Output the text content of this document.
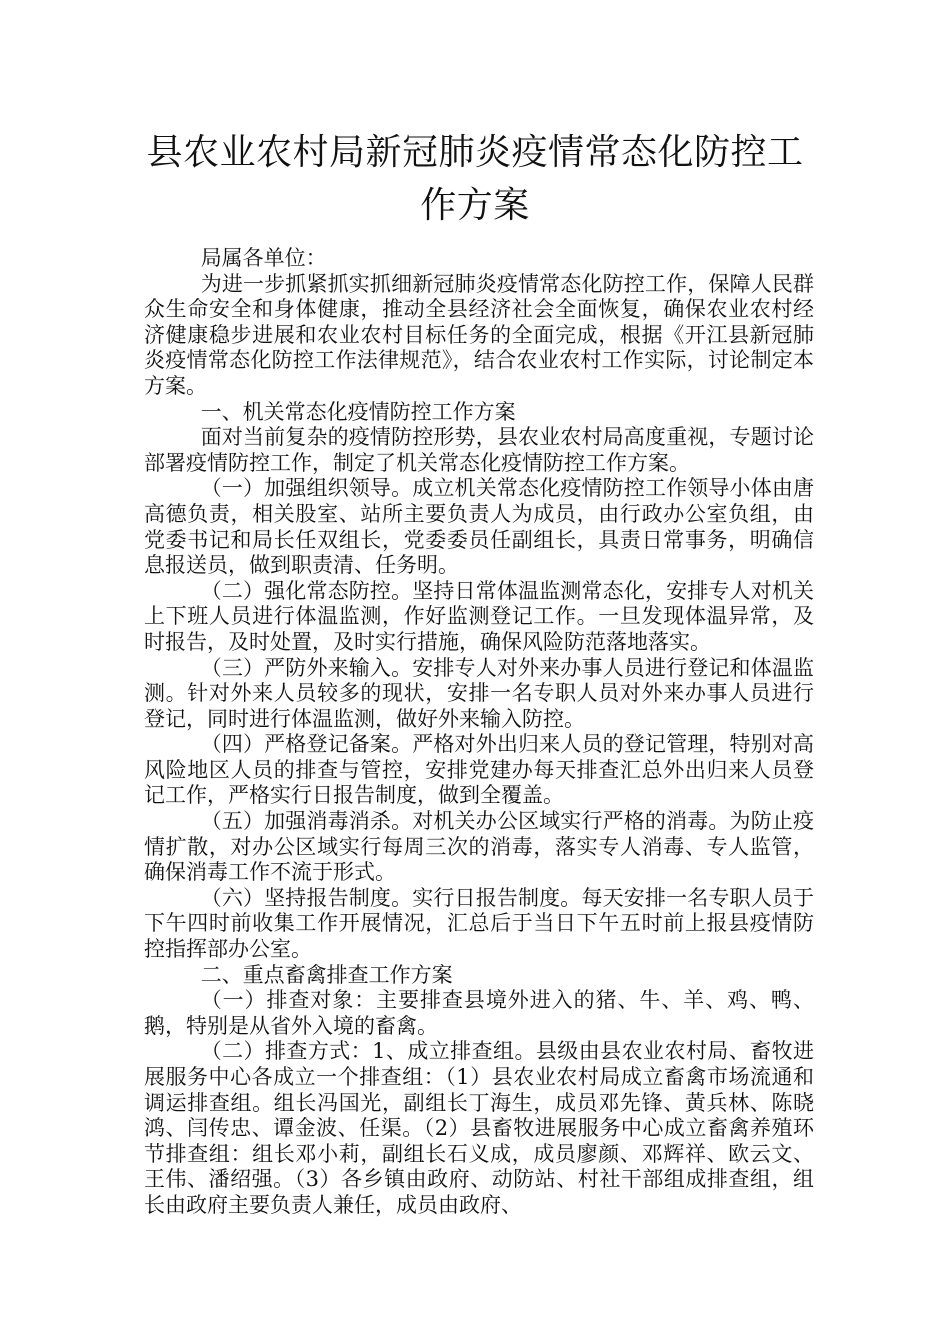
县农业农村局新冠肺炎疫情常态化防控工作方案

局属各单位：

为进一步抓紧抓实抓细新冠肺炎疫情常态化防控工作，保障人民群众生命安全和身体健康，推动全县经济社会全面恢复，确保农业农村经济健康稳步进展和农业农村目标任务的全面完成，根据《开江县新冠肺炎疫情常态化防控工作法律规范》，结合农业农村工作实际，讨论制定本方案。

一、机关常态化疫情防控工作方案

面对当前复杂的疫情防控形势，县农业农村局高度重视，专题讨论部署疫情防控工作，制定了机关常态化疫情防控工作方案。

（一）加强组织领导。成立机关常态化疫情防控工作领导小体由唐高德负责，相关股室、站所主要负责人为成员，由行政办公室负组，由党委书记和局长任双组长，党委委员任副组长，具责日常事务，明确信息报送员，做到职责清、任务明。

（二）强化常态防控。坚持日常体温监测常态化，安排专人对机关上下班人员进行体温监测，作好监测登记工作。一旦发现体温异常，及时报告，及时处置，及时实行措施，确保风险防范落地落实。

（三）严防外来输入。安排专人对外来办事人员进行登记和体温监测。针对外来人员较多的现状，安排一名专职人员对外来办事人员进行登记，同时进行体温监测，做好外来输入防控。

（四）严格登记备案。严格对外出归来人员的登记管理，特别对高风险地区人员的排查与管控，安排党建办每天排查汇总外出归来人员登记工作，严格实行日报告制度，做到全覆盖。

（五）加强消毒消杀。对机关办公区域实行严格的消毒。为防止疫情扩散，对办公区域实行每周三次的消毒，落实专人消毒、专人监管，确保消毒工作不流于形式。

（六）坚持报告制度。实行日报告制度。每天安排一名专职人员于下午四时前收集工作开展情况，汇总后于当日下午五时前上报县疫情防控指挥部办公室。

二、重点畜禽排查工作方案

（一）排查对象：主要排查县境外进入的猪、牛、羊、鸡、鸭、鹅，特别是从省外入境的畜禽。

（二）排查方式：1、成立排查组。县级由县农业农村局、畜牧进展服务中心各成立一个排查组：（1）县农业农村局成立畜禽市场流通和调运排查组。组长冯国光，副组长丁海生，成员邓先锋、黄兵林、陈晓鸿、闫传忠、谭金波、任渠。（2）县畜牧进展服务中心成立畜禽养殖环节排查组：组长邓小莉，副组长石义成，成员廖颜、邓辉祥、欧云文、王伟、潘绍强。（3）各乡镇由政府、动防站、村社干部组成排查组，组长由政府主要负责人兼任，成员由政府、
